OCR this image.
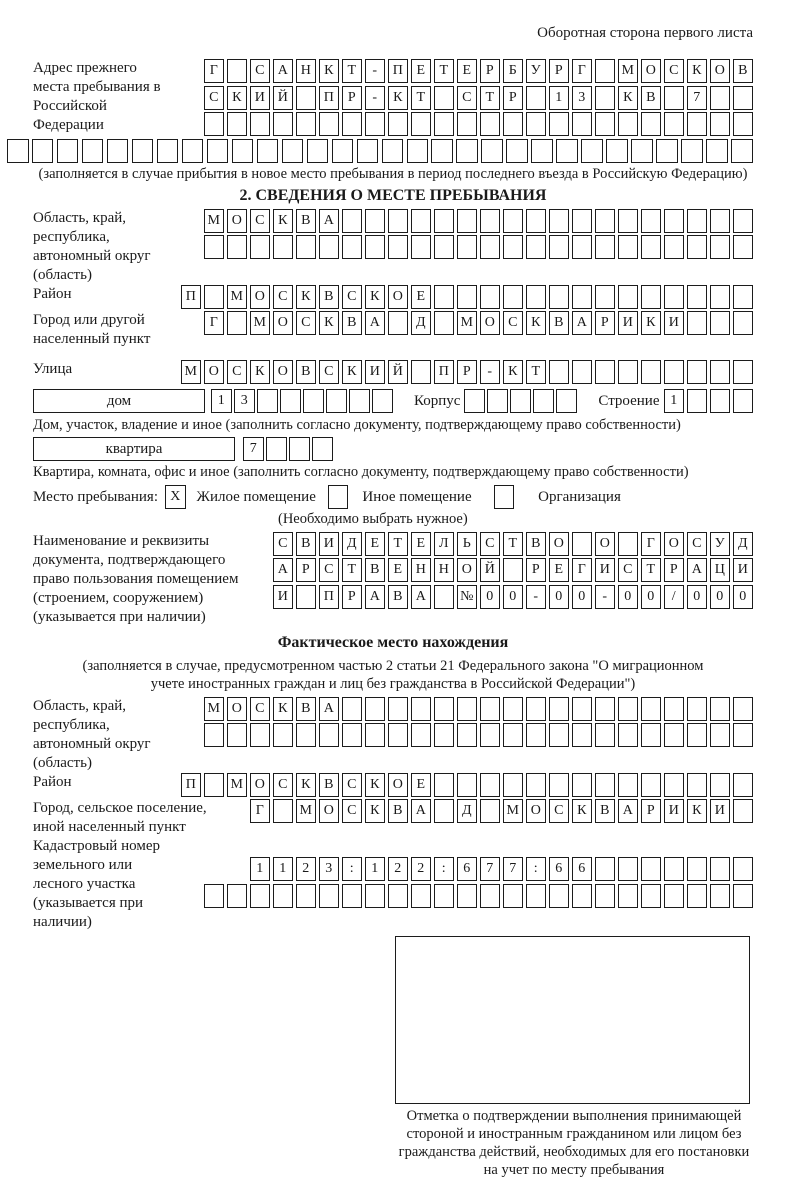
Оборотная сторона первого листа
Адрес прежнего места пребывания в Российской Федерации
Г	С А Н К	Т	-	П Е	Т	Е	Р	Б	У	Р	Г	М О С К О В
С К И Й	П	Р	-	К	Т	С	Т	Р	1	3	К В	7
(заполняется в случае прибытия в новое место пребывания в период последнего въезда в Российскую Федерацию)
2. СВЕДЕНИЯ О МЕСТЕ ПРЕБЫВАНИЯ
Область, край, республика, автономный округ (область)
М О С К В А
Район	П	М О С К В С К О Е
Город или другой населенный пункт
Г	М О С К В А	Д	М О С К В А	Р	И К И
Улица	М О С К О В С К И Й	П	Р	-	К	Т
дом	1	3	Корпус	Строение 1
Дом, участок, владение и иное (заполнить согласно документу, подтверждающему право собственности)
квартира	7
Квартира, комната, офис и иное (заполнить согласно документу, подтверждающему право собственности)
Место пребывания: X	Жилое помещение	Иное помещение	Организация
(Необходимо выбрать нужное)
Наименование и реквизиты документа, подтверждающего право пользования помещением (строением, сооружением) (указывается при наличии)
С В И Д Е	Т	Е Л	Ь	С	Т	В О	О	Г О С У Д
А	Р	С	Т	В	Е Н Н О Й	Р	Е	Г И С	Т	Р	А Ц И
И	П	Р	А В А	№ 0	0	-	0	0	-	0	0	/	0	0	0
Фактическое место нахождения
(заполняется в случае, предусмотренном частью 2 статьи 21 Федерального закона "О миграционном учете иностранных граждан и лиц без гражданства в Российской Федерации")
Область, край, республика, автономный округ (область)
М О С К В А
Район	П	М О С К В С К О Е
Город, сельское поселение, иной населенный пункт
Г	М О С К В А	Д	М О С К В А	Р	И К И
Кадастровый номер земельного или лесного участка (указывается при наличии)
1	1	2	3	:	1	2	2	:	6	7	7	:	6	6
Отметка о подтверждении выполнения принимающей стороной и иностранным гражданином или лицом без гражданства действий, необходимых для его постановки на учет по месту пребывания
